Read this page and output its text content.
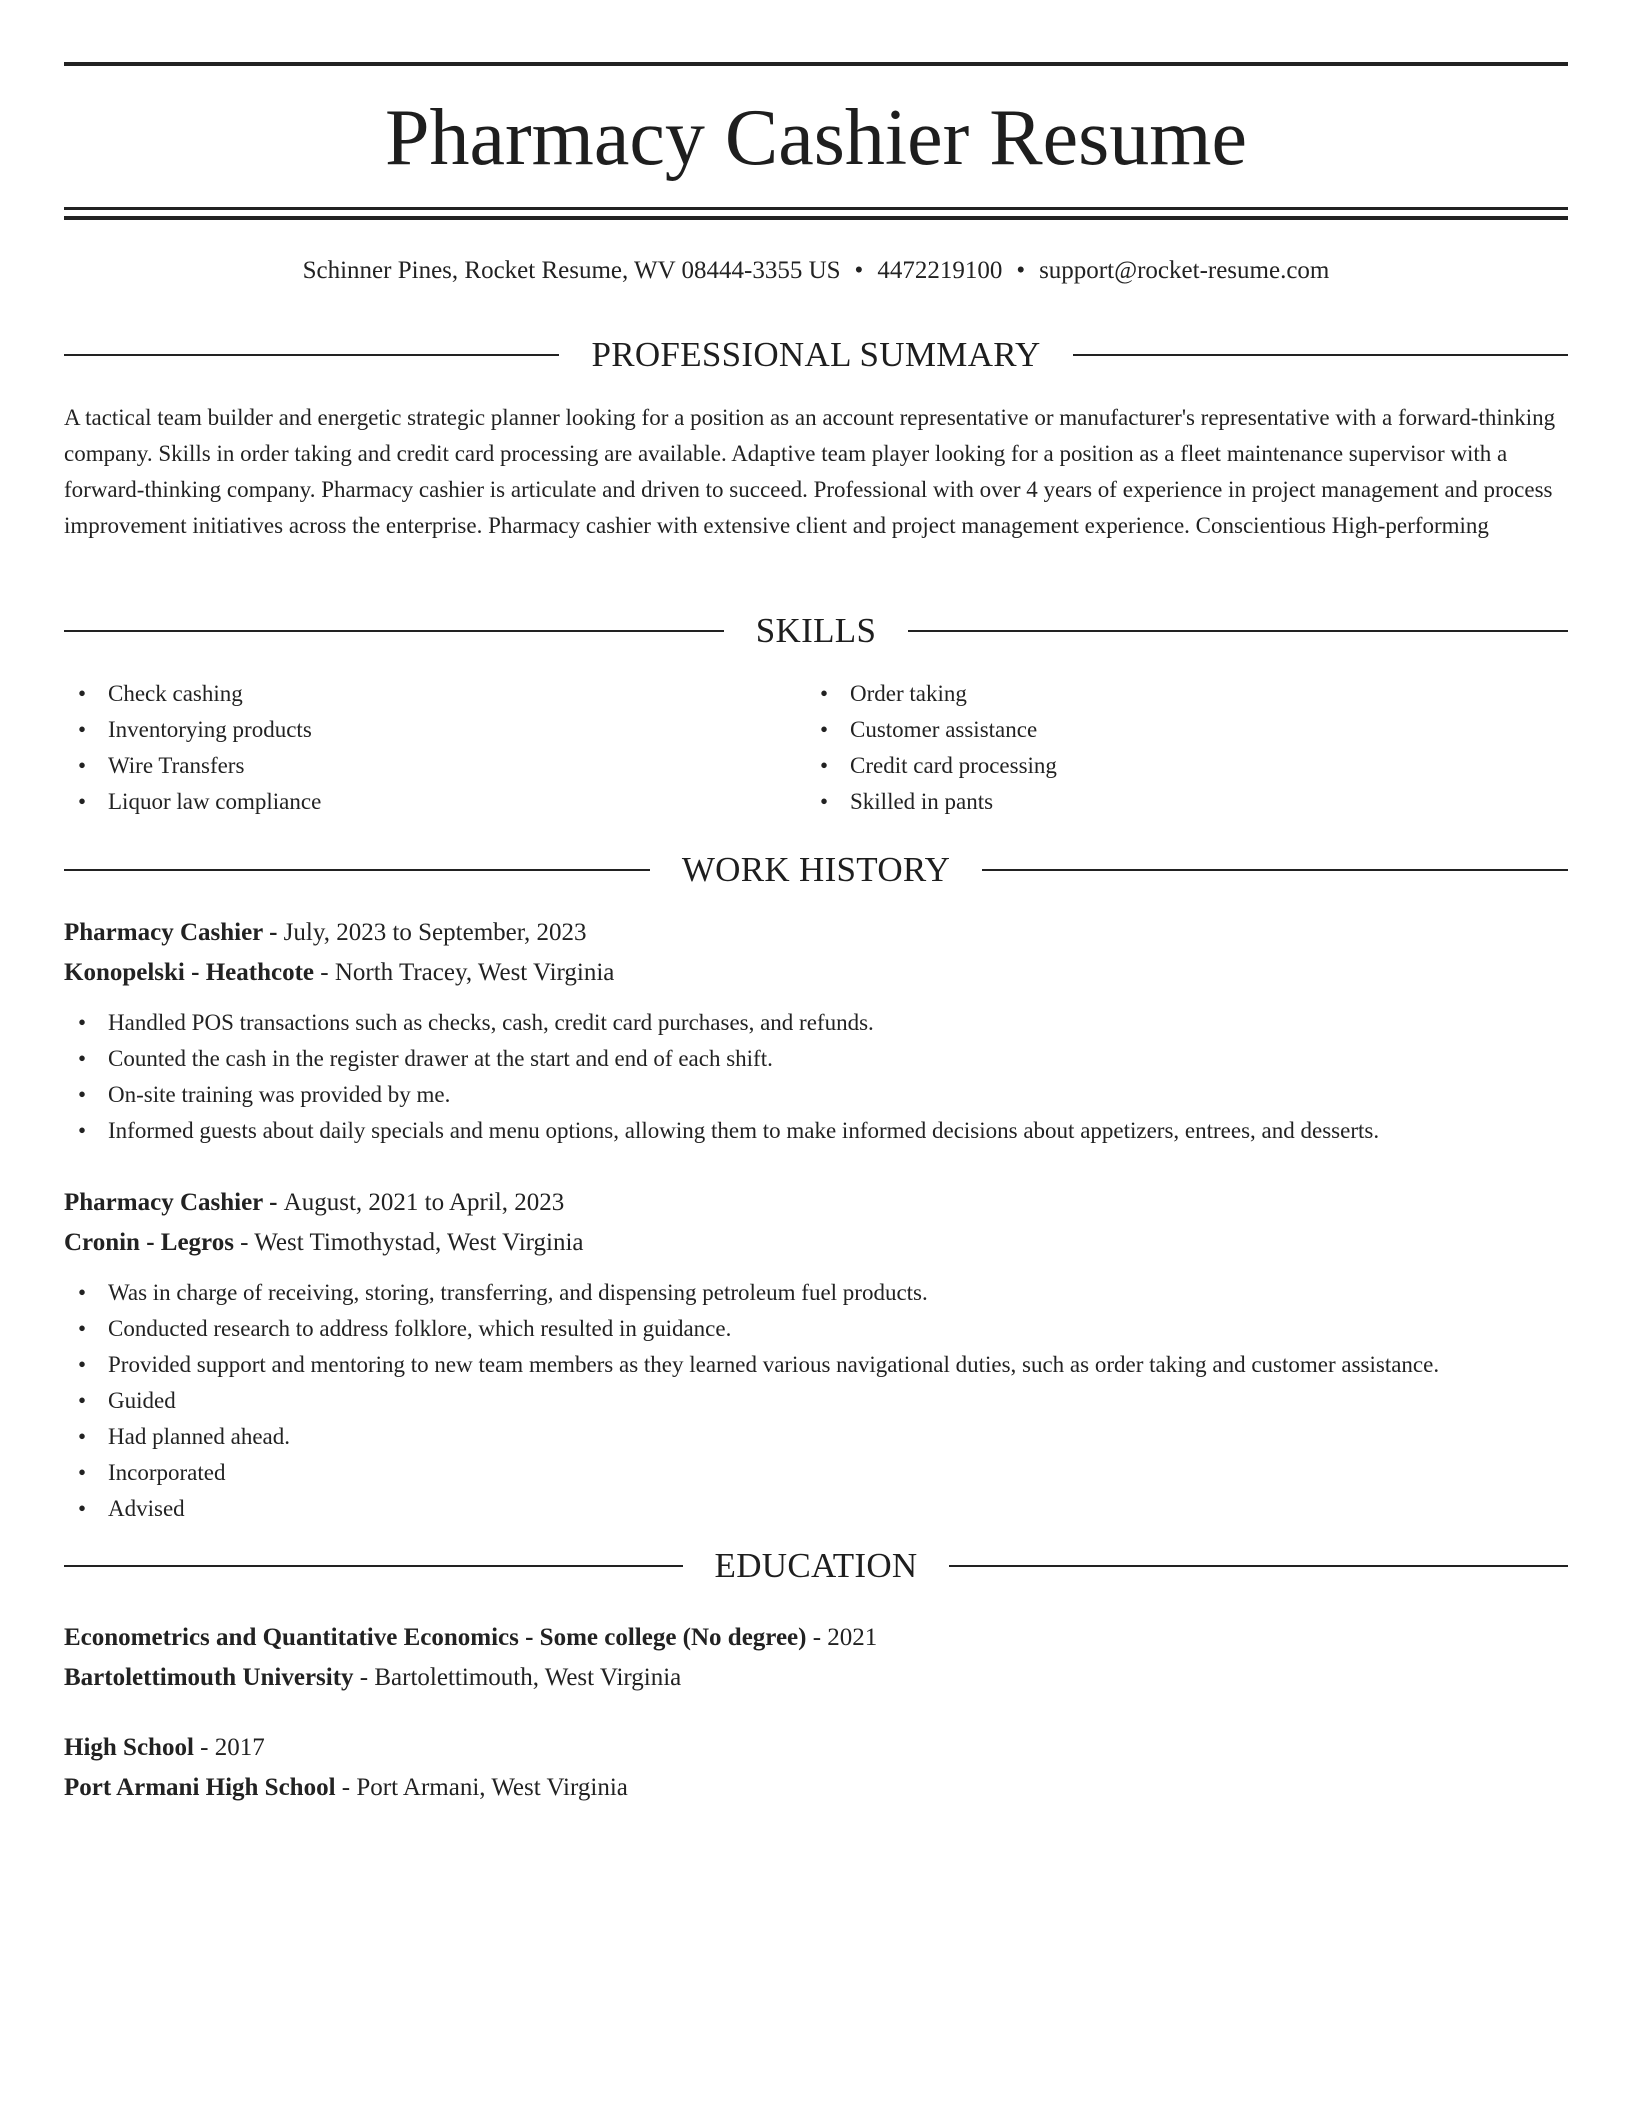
Pharmacy Cashier Resume
Schinner Pines, Rocket Resume, WV 08444-3355 US • 4472219100 • support@rocket-resume.com
PROFESSIONAL SUMMARY

A tactical team builder and energetic strategic planner looking for a position as an account representative or manufacturer's representative with a forward-thinking company. Skills in order taking and credit card processing are available. Adaptive team player looking for a position as a fleet maintenance supervisor with a forward-thinking company. Pharmacy cashier is articulate and driven to succeed. Professional with over 4 years of experience in project management and process improvement initiatives across the enterprise. Pharmacy cashier with extensive client and project management experience. Conscientious High-performing

SKILLS
• Check cashing
• Inventorying products
• Wire Transfers
• Liquor law compliance
• Order taking
• Customer assistance
• Credit card processing
• Skilled in pants
WORK HISTORY
Pharmacy Cashier - July, 2023 to September, 2023
Konopelski - Heathcote - North Tracey, West Virginia
• Handled POS transactions such as checks, cash, credit card purchases, and refunds.
• Counted the cash in the register drawer at the start and end of each shift.
• On-site training was provided by me.
• Informed guests about daily specials and menu options, allowing them to make informed decisions about appetizers, entrees, and desserts.
Pharmacy Cashier - August, 2021 to April, 2023
Cronin - Legros - West Timothystad, West Virginia
• Was in charge of receiving, storing, transferring, and dispensing petroleum fuel products.
• Conducted research to address folklore, which resulted in guidance.
• Provided support and mentoring to new team members as they learned various navigational duties, such as order taking and customer assistance.
• Guided
• Had planned ahead.
• Incorporated
• Advised
EDUCATION
Econometrics and Quantitative Economics - Some college (No degree) - 2021
Bartolettimouth University - Bartolettimouth, West Virginia
High School - 2017
Port Armani High School - Port Armani, West Virginia
